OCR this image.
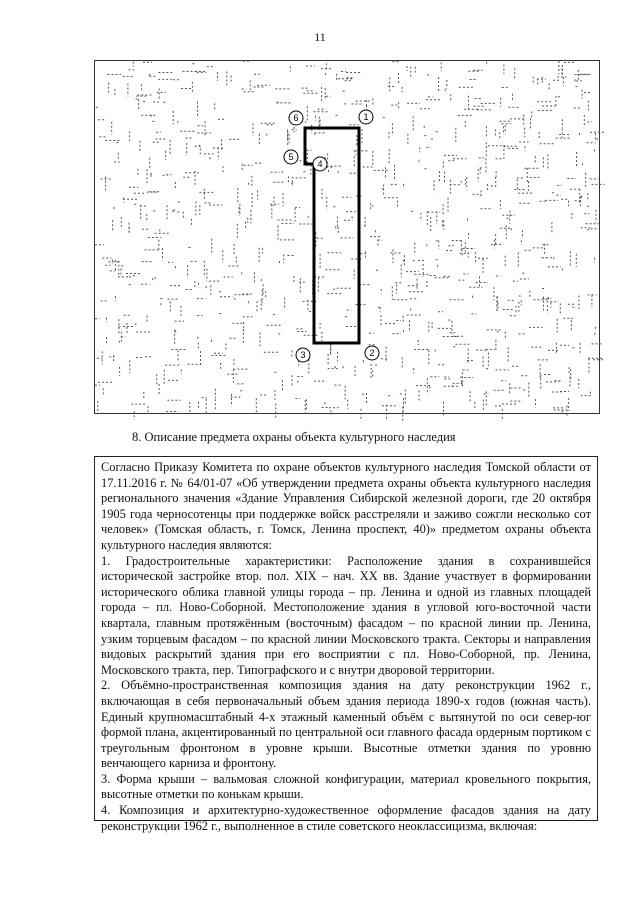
11
1
2
3
4
5
6
8. Описание предмета охраны объекта культурного наследия

Согласно Приказу Комитета по охране объектов культурного наследия Томской области от 17.11.2016 г. № 64/01-07 «Об утверждении предмета охраны объекта культурного наследия регионального значения «Здание Управления Сибирской железной дороги, где 20 октября 1905 года черносотенцы при поддержке войск расстреляли и заживо сожгли несколько сот человек» (Томская область, г. Томск, Ленина проспект, 40)» предметом охраны объекта культурного наследия являются:

1. Градостроительные характеристики: Расположение здания в сохранившейся исторической застройке втор. пол. XIX – нач. XX вв. Здание участвует в формировании исторического облика главной улицы города – пр. Ленина и одной из главных площадей города – пл. Ново-Соборной. Местоположение здания в угловой юго-восточной части квартала, главным протяжённым (восточным) фасадом – по красной линии пр. Ленина, узким торцевым фасадом – по красной линии Московского тракта. Секторы и направления видовых раскрытий здания при его восприятии с пл. Ново-Соборной, пр. Ленина, Московского тракта, пер. Типографского и с внутри дворовой территории.

2. Объёмно-пространственная композиция здания на дату реконструкции 1962 г., включающая в себя первоначальный объем здания периода 1890-х годов (южная часть). Единый крупномасштабный 4-х этажный каменный объём с вытянутой по оси север-юг формой плана, акцентированный по центральной оси главного фасада ордерным портиком с треугольным фронтоном в уровне крыши. Высотные отметки здания по уровню венчающего карниза и фронтону.

3. Форма крыши – вальмовая сложной конфигурации, материал кровельного покрытия, высотные отметки по конькам крыши.

4. Композиция и архитектурно-художественное оформление фасадов здания на дату реконструкции 1962 г., выполненное в стиле советского неоклассицизма, включая:
